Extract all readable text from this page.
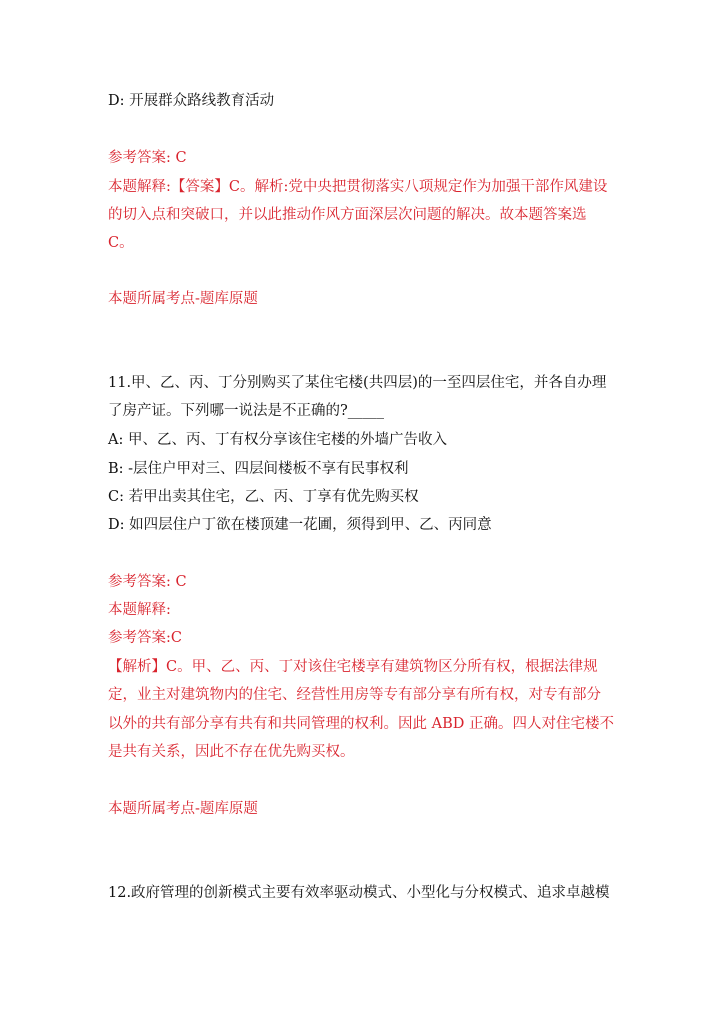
D: 开展群众路线教育活动
参考答案: C
本题解释:【答案】C。解析:党中央把贯彻落实八项规定作为加强干部作风建设
的切入点和突破口，并以此推动作风方面深层次问题的解决。故本题答案选
C。
本题所属考点-题库原题
11.甲、乙、丙、丁分别购买了某住宅楼(共四层)的一至四层住宅，并各自办理
了房产证。下列哪一说法是不正确的?_____
A: 甲、乙、丙、丁有权分享该住宅楼的外墙广告收入
B: -层住户甲对三、四层间楼板不享有民事权利
C: 若甲出卖其住宅，乙、丙、丁享有优先购买权
D: 如四层住户丁欲在楼顶建一花圃，须得到甲、乙、丙同意
参考答案: C
本题解释:
参考答案:C
【解析】C。甲、乙、丙、丁对该住宅楼享有建筑物区分所有权，根据法律规
定，业主对建筑物内的住宅、经营性用房等专有部分享有所有权，对专有部分
以外的共有部分享有共有和共同管理的权利。因此 ABD 正确。四人对住宅楼不
是共有关系，因此不存在优先购买权。
本题所属考点-题库原题
12.政府管理的创新模式主要有效率驱动模式、小型化与分权模式、追求卓越模
